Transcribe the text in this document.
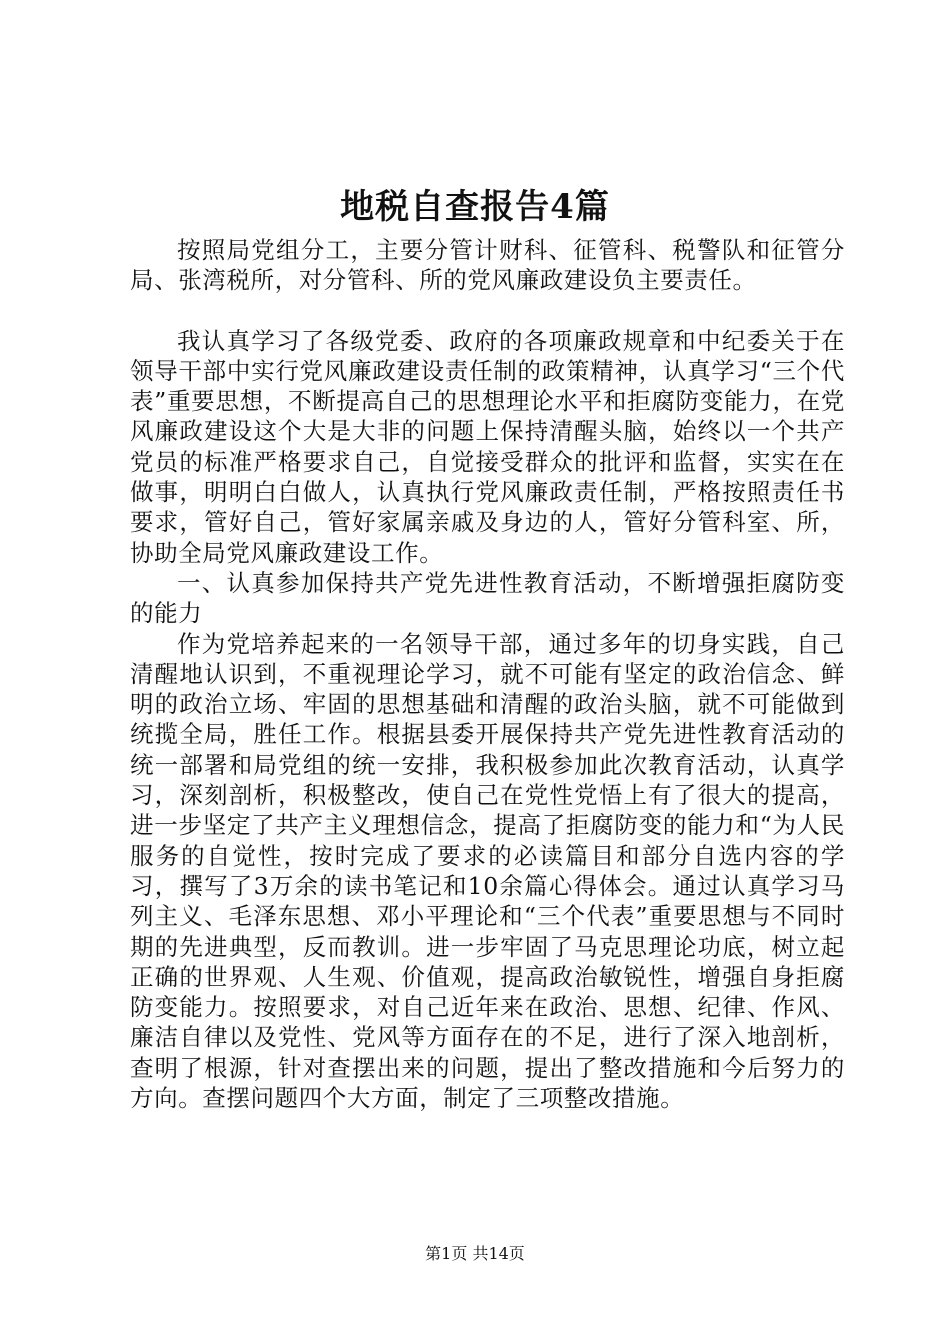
地税自查报告4篇

按照局党组分工，主要分管计财科、征管科、税警队和征管分局、张湾税所，对分管科、所的党风廉政建设负主要责任。

我认真学习了各级党委、政府的各项廉政规章和中纪委关于在领导干部中实行党风廉政建设责任制的政策精神，认真学习“三个代表”重要思想，不断提高自己的思想理论水平和拒腐防变能力，在党风廉政建设这个大是大非的问题上保持清醒头脑，始终以一个共产党员的标准严格要求自己，自觉接受群众的批评和监督，实实在在做事，明明白白做人，认真执行党风廉政责任制，严格按照责任书要求，管好自己，管好家属亲戚及身边的人，管好分管科室、所，协助全局党风廉政建设工作。

一、认真参加保持共产党先进性教育活动，不断增强拒腐防变的能力

作为党培养起来的一名领导干部，通过多年的切身实践，自己清醒地认识到，不重视理论学习，就不可能有坚定的政治信念、鲜明的政治立场、牢固的思想基础和清醒的政治头脑，就不可能做到统揽全局，胜任工作。根据县委开展保持共产党先进性教育活动的统一部署和局党组的统一安排，我积极参加此次教育活动，认真学习，深刻剖析，积极整改，使自己在党性党悟上有了很大的提高，进一步坚定了共产主义理想信念，提高了拒腐防变的能力和“为人民服务的自觉性，按时完成了要求的必读篇目和部分自选内容的学习，撰写了3万余的读书笔记和10余篇心得体会。通过认真学习马列主义、毛泽东思想、邓小平理论和“三个代表”重要思想与不同时期的先进典型，反而教训。进一步牢固了马克思理论功底，树立起正确的世界观、人生观、价值观，提高政治敏锐性，增强自身拒腐防变能力。按照要求，对自己近年来在政治、思想、纪律、作风、廉洁自律以及党性、党风等方面存在的不足，进行了深入地剖析，查明了根源，针对查摆出来的问题，提出了整改措施和今后努力的方向。查摆问题四个大方面，制定了三项整改措施。

第1页 共14页
